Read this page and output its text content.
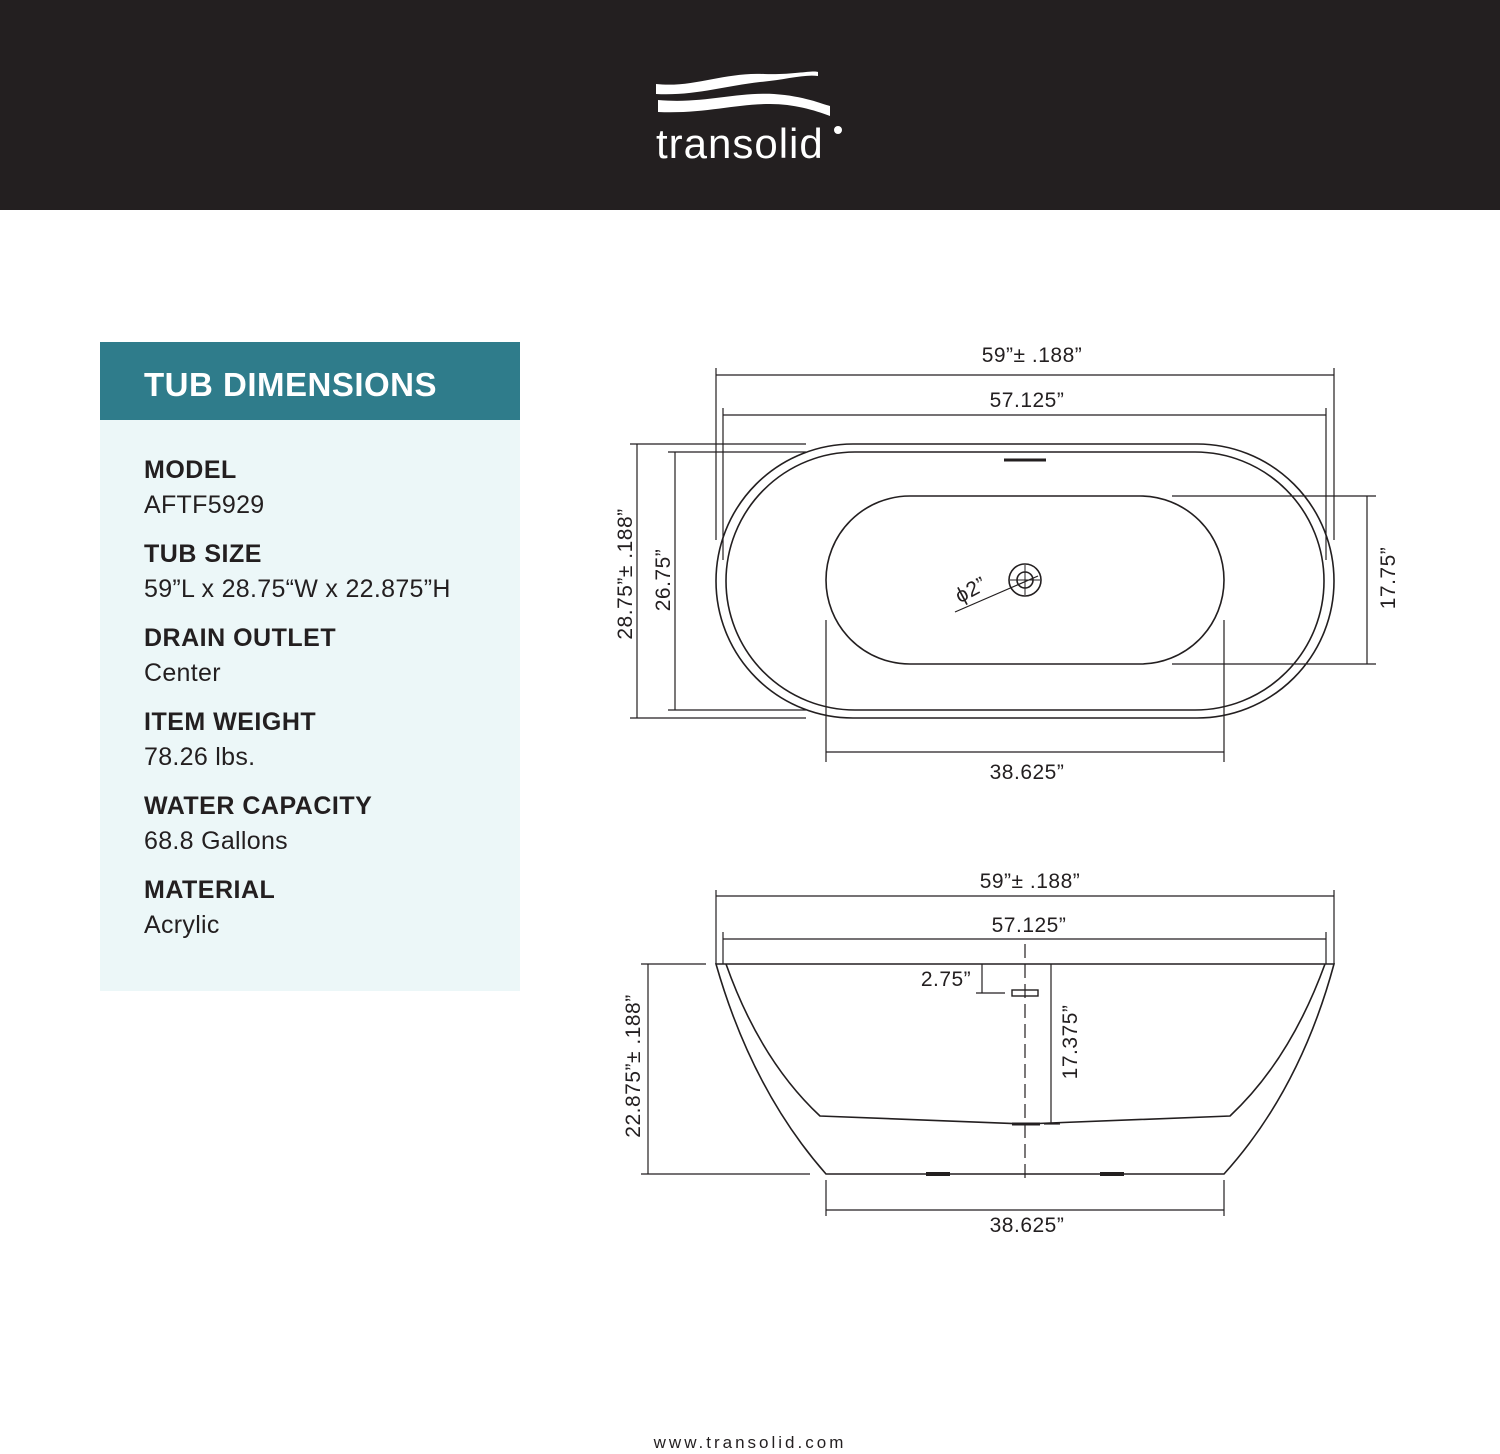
transolid
TUB DIMENSIONS
MODEL
AFTF5929
TUB SIZE
59”L x 28.75“W x 22.875”H
DRAIN OUTLET
Center
ITEM WEIGHT
78.26 lbs.
WATER CAPACITY
68.8 Gallons
MATERIAL
Acrylic
59”± .188”
57.125”
28.75”± .188” 26.75”	17.75”
38.625”
ϕ2”
59”± .188”
57.125”
22.875”± .188”
2.75”
17.375”
38.625”
www.transolid.com
